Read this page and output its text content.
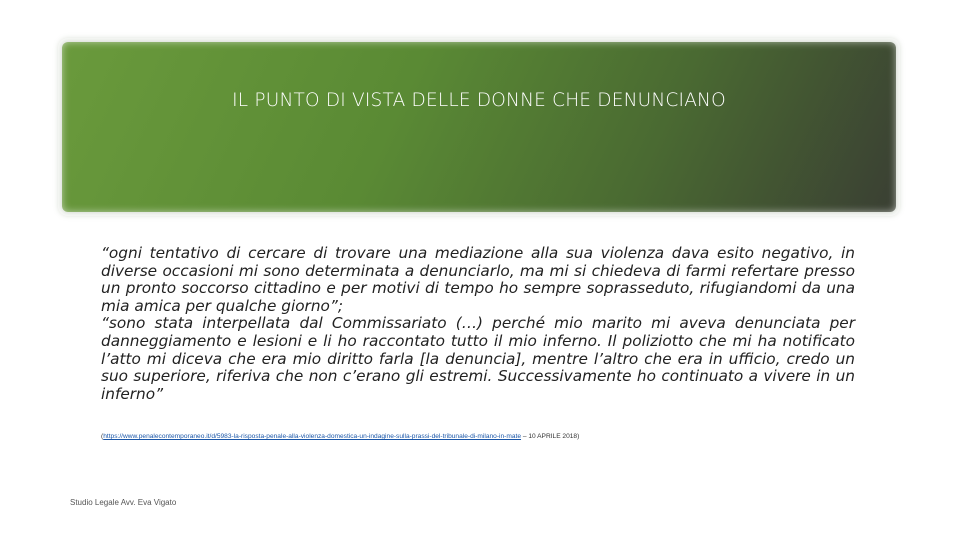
IL PUNTO DI VISTA DELLE DONNE CHE DENUNCIANO

“ogni tentativo di cercare di trovare una mediazione alla sua violenza dava esito negativo, in diverse occasioni mi sono determinata a denunciarlo, ma mi si chiedeva di farmi refertare presso un pronto soccorso cittadino e per motivi di tempo ho sempre soprasseduto, rifugiandomi da una mia amica per qualche giorno”;

“sono stata interpellata dal Commissariato (…) perché mio marito mi aveva denunciata per danneggiamento e lesioni e li ho raccontato tutto il mio inferno. Il poliziotto che mi ha notificato l’atto mi diceva che era mio diritto farla [la denuncia], mentre l’altro che era in ufficio, credo un suo superiore, riferiva che non c’erano gli estremi. Successivamente ho continuato a vivere in un inferno”

(https://www.penalecontemporaneo.it/d/5983-la-risposta-penale-alla-violenza-domestica-un-indagine-sulla-prassi-del-tribunale-di-milano-in-mate – 10 APRILE 2018)
Studio Legale Avv. Eva Vigato
